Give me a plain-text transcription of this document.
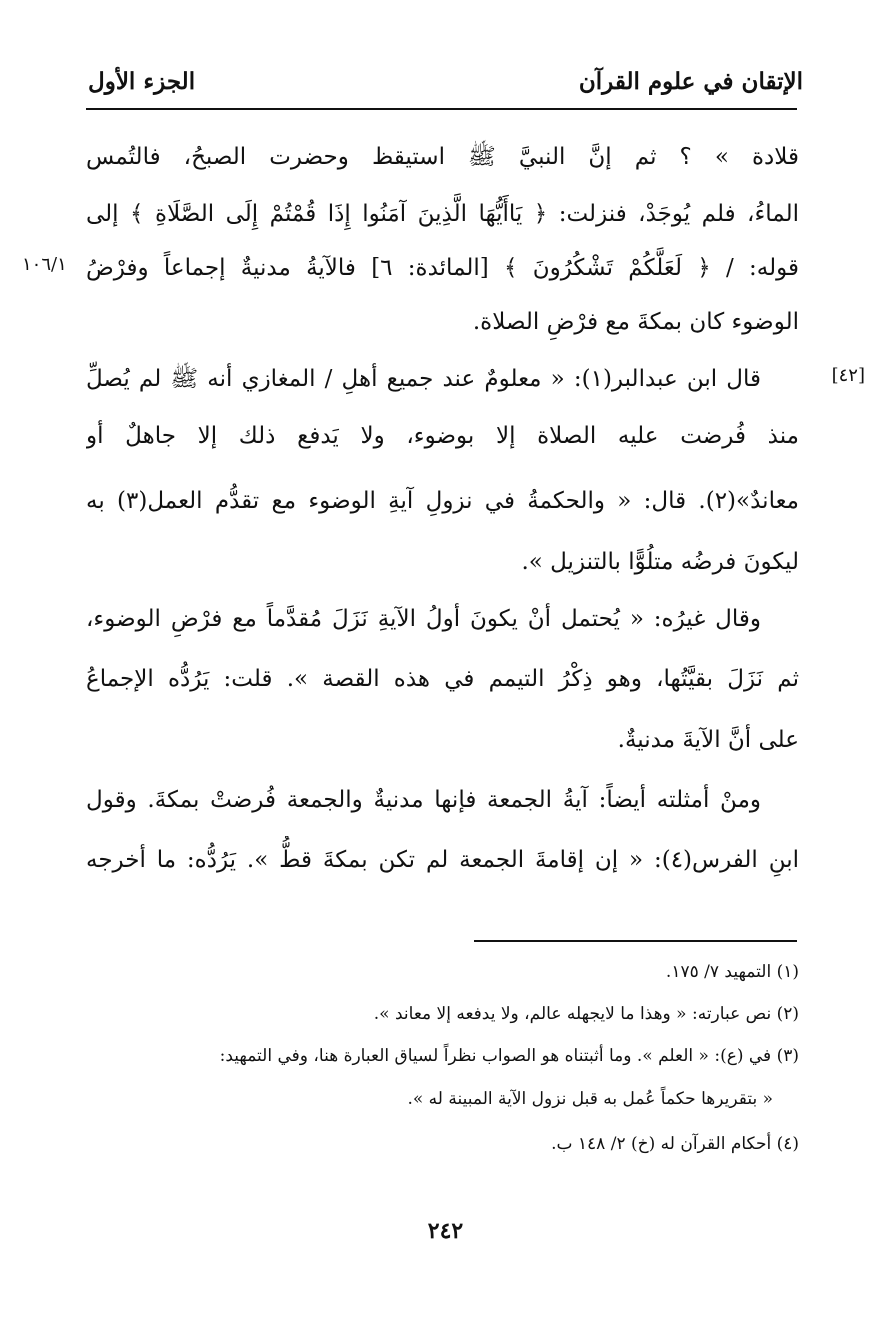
الإتقان في علوم القرآن
الجزء الأول
قلادة » ؟ ثم إنَّ النبيَّ ﷺ استيقظ وحضرت الصبحُ، فالتُمس
الماءُ، فلم يُوجَدْ، فنزلت: ﴿ يَاأَيُّهَا الَّذِينَ آمَنُوا إِذَا قُمْتُمْ إِلَى الصَّلَاةِ ﴾ إلى
قوله: / ﴿ لَعَلَّكُمْ تَشْكُرُونَ ﴾ [المائدة: ٦] فالآيةُ مدنيةٌ إجماعاً وفرْضُ
الوضوء كان بمكةَ مع فرْضِ الصلاة.
قال ابن عبدالبر(١): « معلومٌ عند جميع أهلِ / المغازي أنه ﷺ لم يُصلِّ
منذ فُرضت عليه الصلاة إلا بوضوء، ولا يَدفع ذلك إلا جاهلٌ أو
معاندٌ»(٢). قال: « والحكمةُ في نزولِ آيةِ الوضوء مع تقدُّم العمل(٣) به
ليكونَ فرضُه متلُوًّا بالتنزيل ».
وقال غيرُه: « يُحتمل أنْ يكونَ أولُ الآيةِ نَزَلَ مُقدَّماً مع فرْضِ الوضوء،
ثم نَزَلَ بقيَّتُها، وهو ذِكْرُ التيمم في هذه القصة ». قلت: يَرُدُّه الإجماعُ
على أنَّ الآيةَ مدنيةٌ.
ومنْ أمثلته أيضاً: آيةُ الجمعة فإنها مدنيةٌ والجمعة فُرضتْ بمكةَ. وقول
ابنِ الفرس(٤): « إن إقامةَ الجمعة لم تكن بمكةَ قطُّ ». يَرُدُّه: ما أخرجه
[٤٢]
١٠٦/١
(١) التمهيد ٧/ ١٧٥.
(٢) نص عبارته: « وهذا ما لايجهله عالم، ولا يدفعه إلا معاند ».
(٣) في (ع): « العلم ». وما أثبتناه هو الصواب نظراً لسياق العبارة هنا، وفي التمهيد:
« بتقريرها حكماً عُمل به قبل نزول الآية المبينة له ».
(٤) أحكام القرآن له (خ) ٢/ ١٤٨ ب.
٢٤٢
